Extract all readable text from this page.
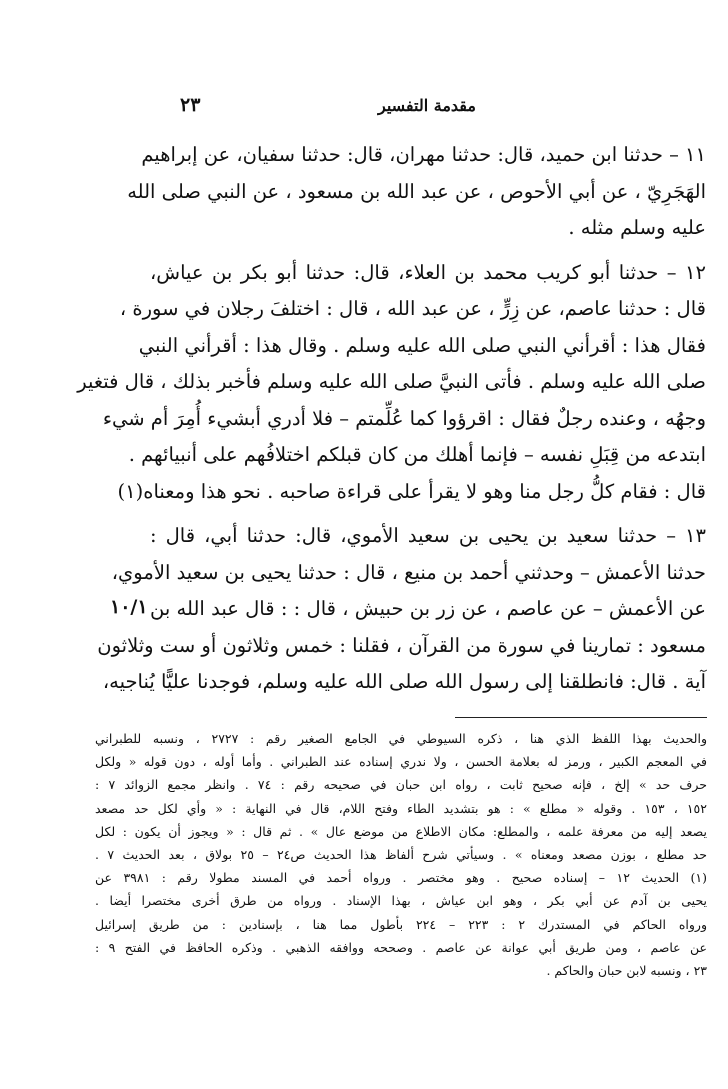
٢٣	مقدمة التفسير
١١ – حدثنا ابن حميد، قال: حدثنا مهران، قال: حدثنا سفيان، عن إبراهيم
الهَجَرِيّ ، عن أبي الأحوص ، عن عبد الله بن مسعود ، عن النبي صلى الله
عليه وسلم مثله .
١٢ – حدثنا أبو كريب محمد بن العلاء، قال: حدثنا أبو بكر بن عياش،
قال : حدثنا عاصم، عن زِرٍّ ، عن عبد الله ، قال : اختلفَ رجلان في سورة ،
فقال هذا : أقرأني النبي صلى الله عليه وسلم . وقال هذا : أقرأني النبي
صلى الله عليه وسلم . فأتى النبيَّ صلى الله عليه وسلم فأخبر بذلك ، قال فتغير
وجهُه ، وعنده رجلٌ فقال : اقرؤوا كما عُلِّمتم – فلا أدري أبشيء أُمِرَ أم شيء
ابتدعه من قِبَلِ نفسه – فإنما أهلك من كان قبلكم اختلافُهم على أنبيائهم .
قال : فقام كلُّ رجل منا وهو لا يقرأ على قراءة صاحبه . نحو هذا ومعناه(١)
١٣ – حدثنا سعيد بن يحيى بن سعيد الأموي، قال: حدثنا أبي، قال :
حدثنا الأعمش – وحدثني أحمد بن منيع ، قال : حدثنا يحيى بن سعيد الأموي،
عن الأعمش – عن عاصم ، عن زر بن حبيش ، قال : : قال عبد الله بن
مسعود : تمارينا في سورة من القرآن ، فقلنا : خمس وثلاثون أو ست وثلاثون
آية . قال: فانطلقنا إلى رسول الله صلى الله عليه وسلم، فوجدنا عليًّا يُناجيه،
١٠/١
والحديث بهذا اللفظ الذي هنا ، ذكره السيوطي في الجامع الصغير رقم : ٢٧٢٧ ، ونسبه للطبراني
في المعجم الكبير ، ورمز له بعلامة الحسن ، ولا ندري إسناده عند الطبراني . وأما أوله ، دون قوله « ولكل
حرف حد » إلخ ، فإنه صحيح ثابت ، رواه ابن حبان في صحيحه رقم : ٧٤ . وانظر مجمع الزوائد ٧ :
١٥٢ ، ١٥٣ . وقوله « مطلع » : هو بتشديد الطاء وفتح اللام، قال في النهاية : « وأي لكل حد مصعد
يصعد إليه من معرفة علمه ، والمطلع: مكان الاطلاع من موضع عال » . ثم قال : « ويجوز أن يكون : لكل
حد مطلع ، بوزن مصعد ومعناه » . وسيأتي شرح ألفاظ هذا الحديث ص٢٤ – ٢٥ بولاق ، بعد الحديث ٧ .
(١) الحديث ١٢ – إسناده صحيح . وهو مختصر . ورواه أحمد في المسند مطولا رقم : ٣٩٨١ عن
يحيى بن آدم عن أبي بكر ، وهو ابن عياش ، بهذا الإسناد . ورواه من طرق أخرى مختصرا أيضا .
ورواه الحاكم في المستدرك ٢ : ٢٢٣ – ٢٢٤ بأطول مما هنا ، بإسنادين : من طريق إسرائيل
عن عاصم ، ومن طريق أبي عوانة عن عاصم . وصححه ووافقه الذهبي . وذكره الحافظ في الفتح ٩ :
٢٣ ، ونسبه لابن حبان والحاكم .
